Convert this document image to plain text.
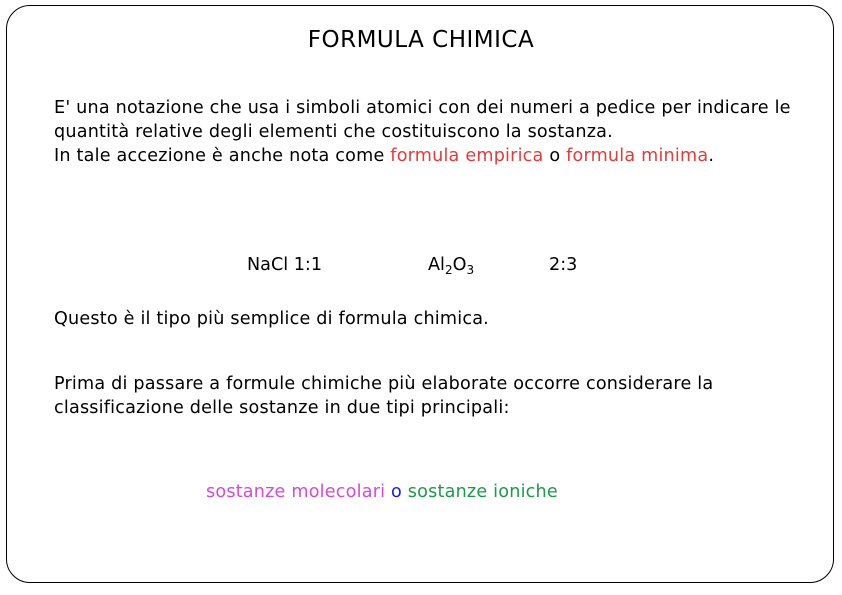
FORMULA CHIMICA
E' una notazione che usa i simboli atomici con dei numeri a pedice per indicare le quantità relative degli elementi che costituiscono la sostanza.
In tale accezione è anche nota come formula empirica o formula minima.
NaCl 1:1	$Al_2O_3$	2:3
Questo è il tipo più semplice di formula chimica.
Prima di passare a formule chimiche più elaborate occorre considerare la classificazione delle sostanze in due tipi principali:
sostanze molecolari o sostanze ioniche
